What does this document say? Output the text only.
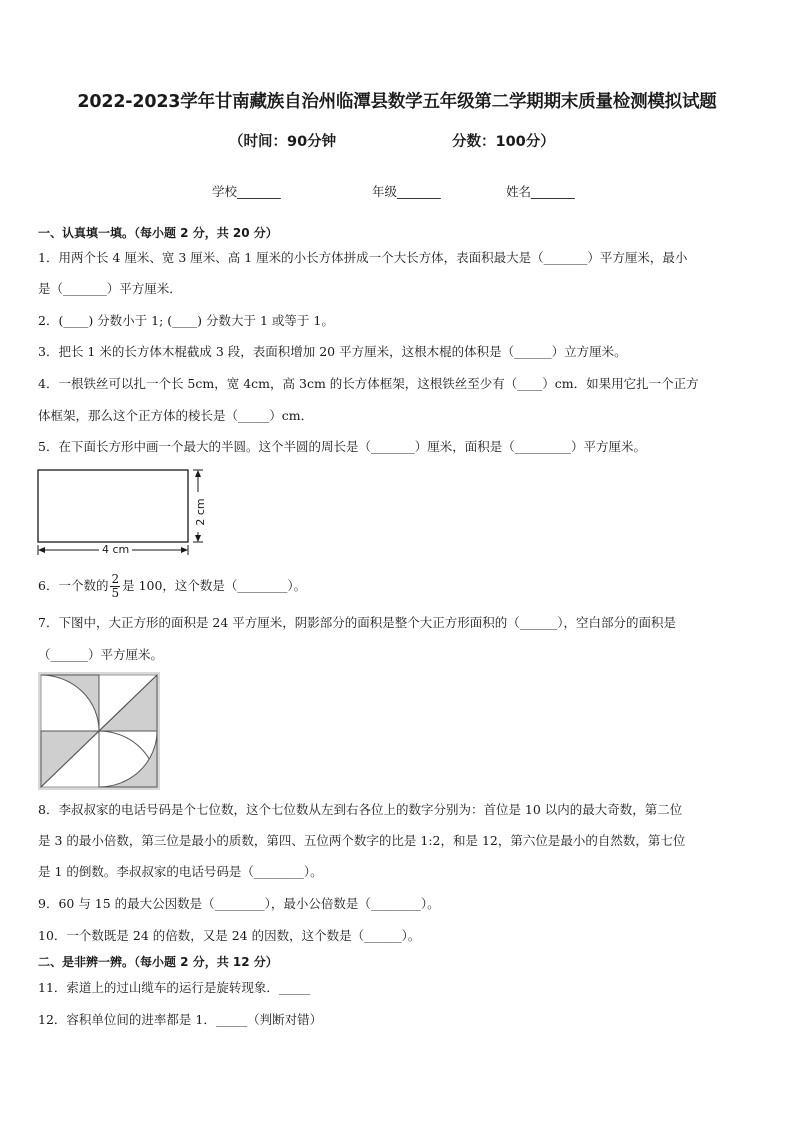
2022-2023学年甘南藏族自治州临潭县数学五年级第二学期期末质量检测模拟试题
（时间：90分钟	分数：100分）
学校_______	年级_______	姓名_______
一、认真填一填。（每小题 2 分，共 20 分）
1．用两个长 4 厘米、宽 3 厘米、高 1 厘米的小长方体拼成一个大长方体，表面积最大是（_______）平方厘米，最小
是（_______）平方厘米．
2．(____) 分数小于 1; (____) 分数大于 1 或等于 1。
3．把长 1 米的长方体木棍截成 3 段，表面积增加 20 平方厘米，这根木棍的体积是（______）立方厘米。
4．一根铁丝可以扎一个长 5cm，宽 4cm，高 3cm 的长方体框架，这根铁丝至少有（____）cm．如果用它扎一个正方
体框架，那么这个正方体的棱长是（_____）cm．
5．在下面长方形中画一个最大的半圆。这个半圆的周长是（_______）厘米，面积是（_________）平方厘米。
4 cm
2 cm
6．一个数的 $\frac{2}{5}$ 是 100，这个数是（________）。
7．下图中，大正方形的面积是 24 平方厘米，阴影部分的面积是整个大正方形面积的（______），空白部分的面积是
（______）平方厘米。
8．李叔叔家的电话号码是个七位数，这个七位数从左到右各位上的数字分别为：首位是 10 以内的最大奇数，第二位
是 3 的最小倍数，第三位是最小的质数，第四、五位两个数字的比是 1:2，和是 12，第六位是最小的自然数，第七位
是 1 的倒数。李叔叔家的电话号码是（________）。
9．60 与 15 的最大公因数是（________），最小公倍数是（________）。
10．一个数既是 24 的倍数，又是 24 的因数，这个数是（______）。
二、是非辨一辨。（每小题 2 分，共 12 分）
11．索道上的过山缆车的运行是旋转现象．_____
12．容积单位间的进率都是 1．_____（判断对错）
